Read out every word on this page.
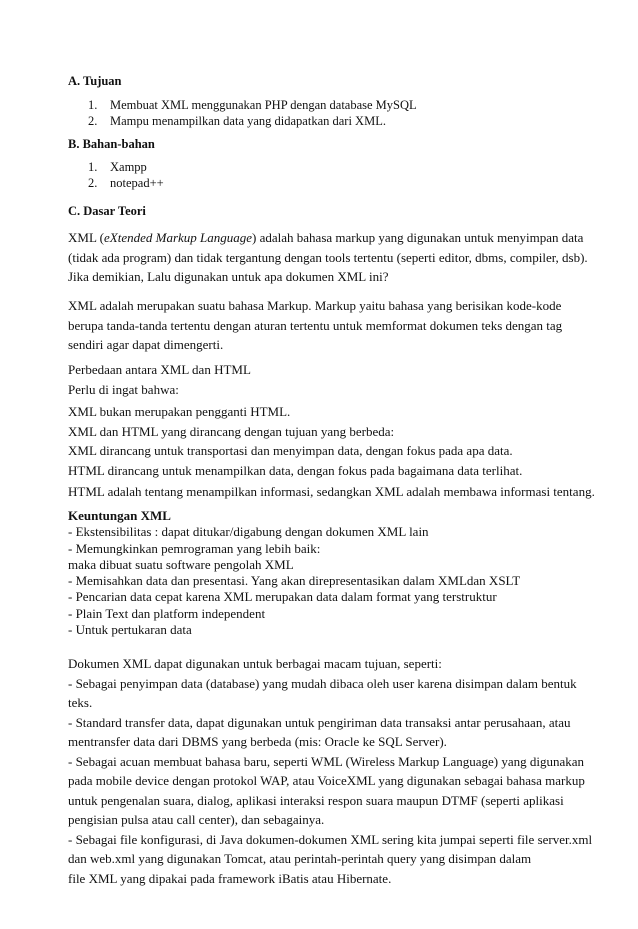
A. Tujuan
1.	Membuat XML menggunakan PHP dengan database MySQL
2.	Mampu menampilkan data yang didapatkan dari XML.
B. Bahan-bahan
1.	Xampp
2.	notepad++
C. Dasar Teori
XML (eXtended Markup Language) adalah bahasa markup yang digunakan untuk menyimpan data
(tidak ada program) dan tidak tergantung dengan tools tertentu (seperti editor, dbms, compiler, dsb).
Jika demikian, Lalu digunakan untuk apa dokumen XML ini?
XML adalah merupakan suatu bahasa Markup. Markup yaitu bahasa yang berisikan kode-kode
berupa tanda-tanda tertentu dengan aturan tertentu untuk memformat dokumen teks dengan tag
sendiri agar dapat dimengerti.
Perbedaan antara XML dan HTML
Perlu di ingat bahwa:
XML bukan merupakan pengganti HTML.
XML dan HTML yang dirancang dengan tujuan yang berbeda:
XML dirancang untuk transportasi dan menyimpan data, dengan fokus pada apa data.
HTML dirancang untuk menampilkan data, dengan fokus pada bagaimana data terlihat.
HTML adalah tentang menampilkan informasi, sedangkan XML adalah membawa informasi tentang.
Keuntungan XML
- Ekstensibilitas : dapat ditukar/digabung dengan dokumen XML lain
- Memungkinkan pemrograman yang lebih baik:
maka dibuat suatu software pengolah XML
- Memisahkan data dan presentasi. Yang akan direpresentasikan dalam XMLdan XSLT
- Pencarian data cepat karena XML merupakan data dalam format yang terstruktur
- Plain Text dan platform independent
- Untuk pertukaran data
Dokumen XML dapat digunakan untuk berbagai macam tujuan, seperti:
- Sebagai penyimpan data (database) yang mudah dibaca oleh user karena disimpan dalam bentuk
teks.
- Standard transfer data, dapat digunakan untuk pengiriman data transaksi antar perusahaan, atau
mentransfer data dari DBMS yang berbeda (mis: Oracle ke SQL Server).
- Sebagai acuan membuat bahasa baru, seperti WML (Wireless Markup Language) yang digunakan
pada mobile device dengan protokol WAP, atau VoiceXML yang digunakan sebagai bahasa markup
untuk pengenalan suara, dialog, aplikasi interaksi respon suara maupun DTMF (seperti aplikasi
pengisian pulsa atau call center), dan sebagainya.
- Sebagai file konfigurasi, di Java dokumen-dokumen XML sering kita jumpai seperti file server.xml
dan web.xml yang digunakan Tomcat, atau perintah-perintah query yang disimpan dalam
file XML yang dipakai pada framework iBatis atau Hibernate.
